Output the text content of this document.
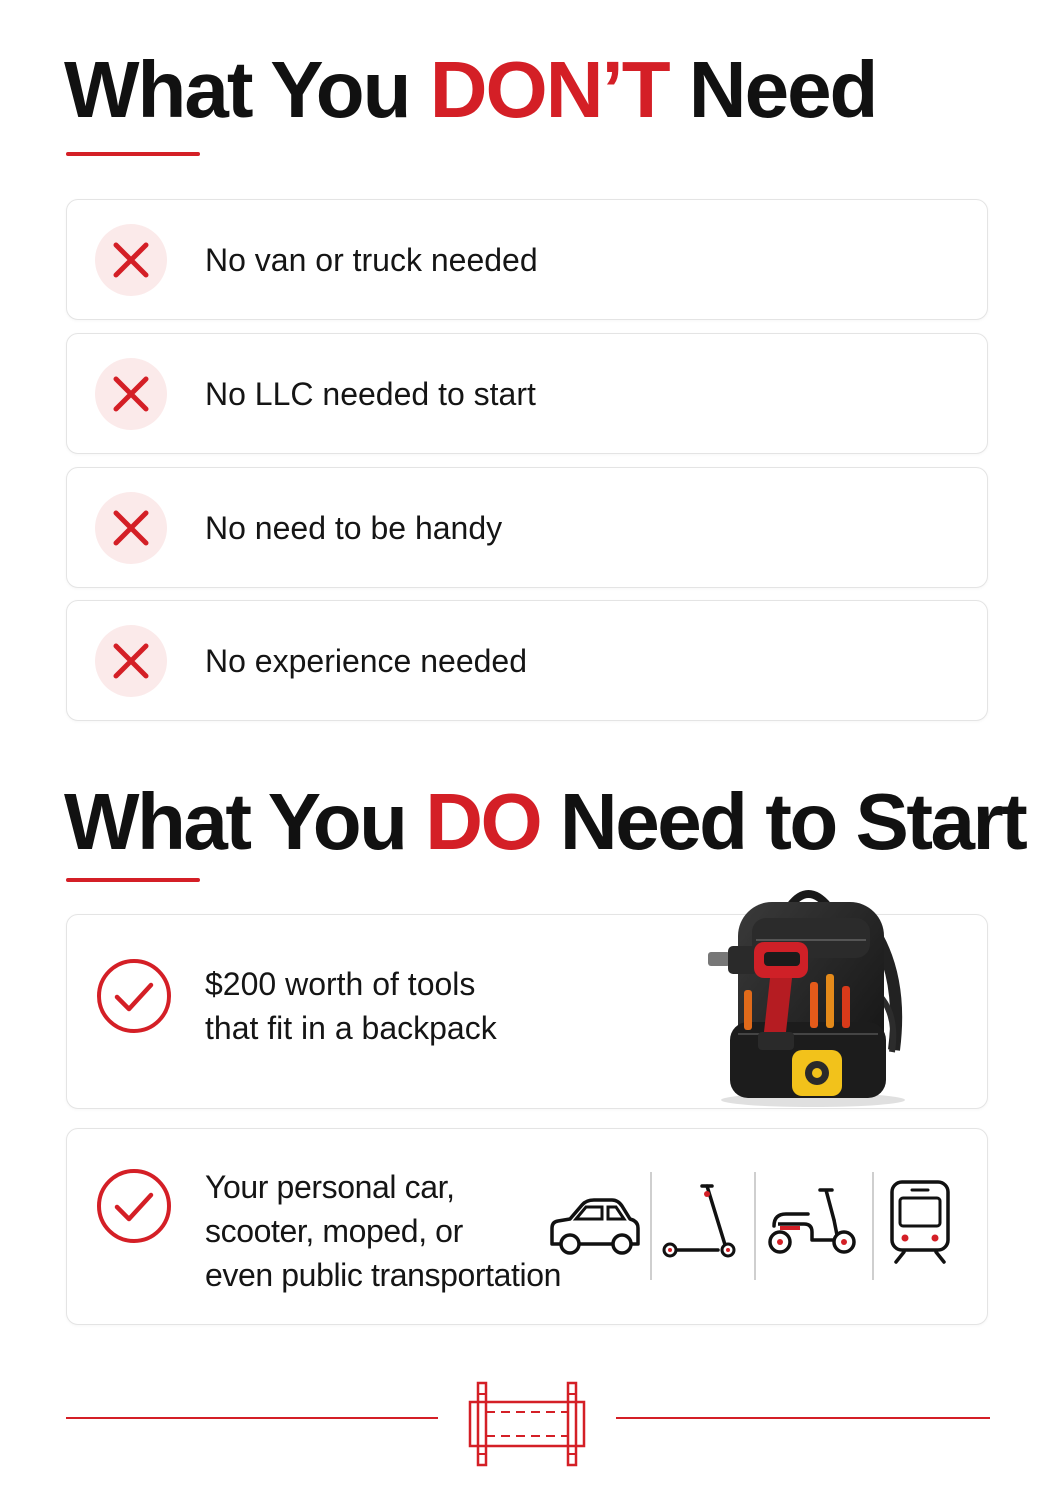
What You DON’T Need
No van or truck needed
No LLC needed to start
No need to be handy
No experience needed
What You DO Need to Start
$200 worth of tools
that fit in a backpack
Your personal car,
scooter, moped, or
even public transportation
